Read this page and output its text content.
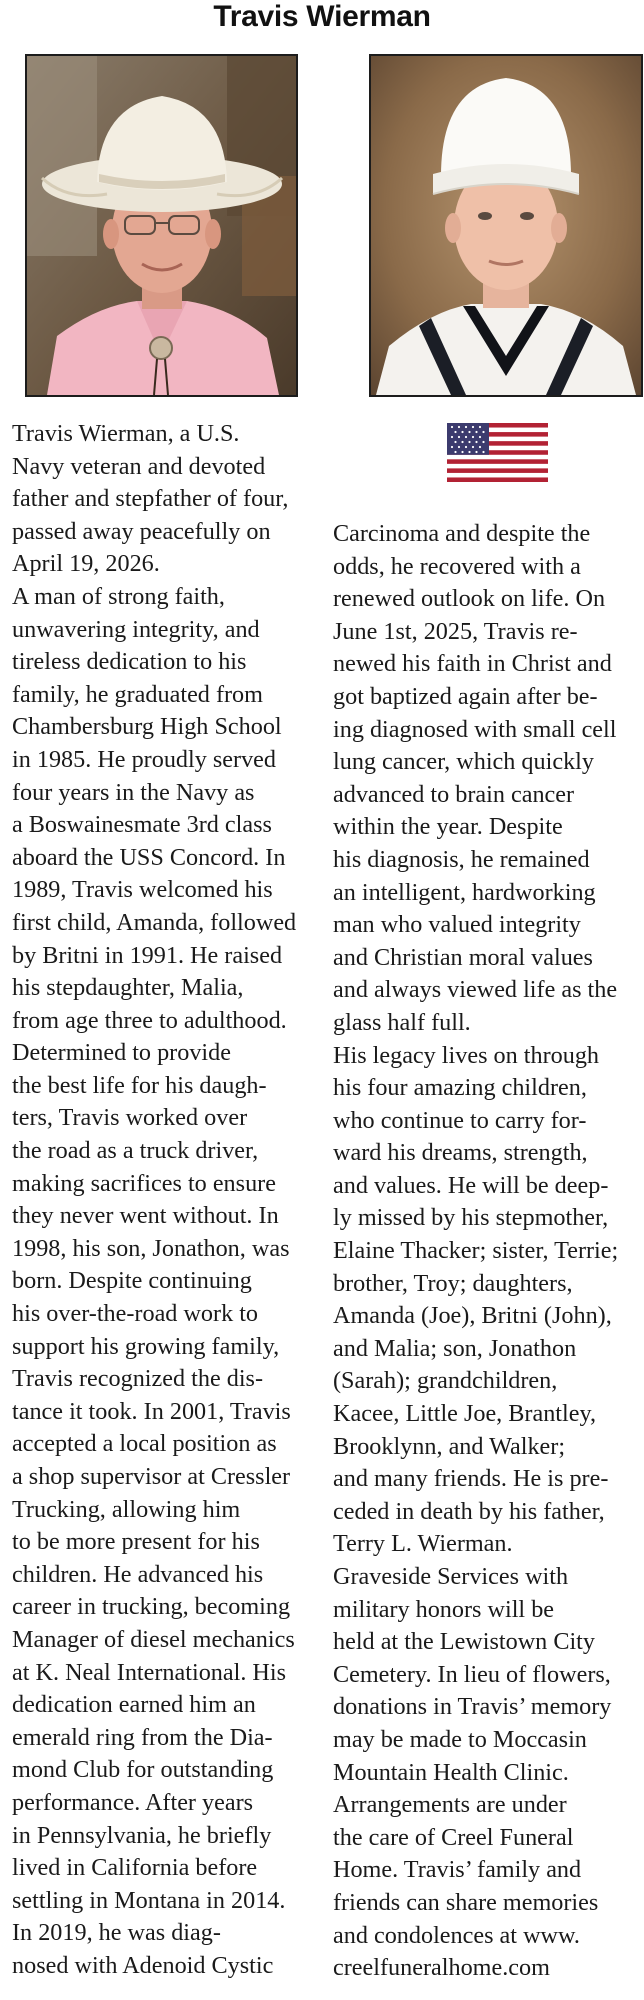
Travis Wierman
Travis Wierman, a U.S.
Navy veteran and devoted
father and stepfather of four,
passed away peacefully on
April 19, 2026.
A man of strong faith,
unwavering integrity, and
tireless dedication to his
family, he graduated from
Chambersburg High School
in 1985. He proudly served
four years in the Navy as
a Boswainesmate 3rd class
aboard the USS Concord. In
1989, Travis welcomed his
first child, Amanda, followed
by Britni in 1991. He raised
his stepdaughter, Malia,
from age three to adulthood.
Determined to provide
the best life for his daugh-
ters, Travis worked over
the road as a truck driver,
making sacrifices to ensure
they never went without. In
1998, his son, Jonathon, was
born. Despite continuing
his over-the-road work to
support his growing family,
Travis recognized the dis-
tance it took. In 2001, Travis
accepted a local position as
a shop supervisor at Cressler
Trucking, allowing him
to be more present for his
children. He advanced his
career in trucking, becoming
Manager of diesel mechanics
at K. Neal International. His
dedication earned him an
emerald ring from the Dia-
mond Club for outstanding
performance. After years
in Pennsylvania, he briefly
lived in California before
settling in Montana in 2014.
In 2019, he was diag-
nosed with Adenoid Cystic
Carcinoma and despite the
odds, he recovered with a
renewed outlook on life. On
June 1st, 2025, Travis re-
newed his faith in Christ and
got baptized again after be-
ing diagnosed with small cell
lung cancer, which quickly
advanced to brain cancer
within the year. Despite
his diagnosis, he remained
an intelligent, hardworking
man who valued integrity
and Christian moral values
and always viewed life as the
glass half full.
His legacy lives on through
his four amazing children,
who continue to carry for-
ward his dreams, strength,
and values. He will be deep-
ly missed by his stepmother,
Elaine Thacker; sister, Terrie;
brother, Troy; daughters,
Amanda (Joe), Britni (John),
and Malia; son, Jonathon
(Sarah); grandchildren,
Kacee, Little Joe, Brantley,
Brooklynn, and Walker;
and many friends. He is pre-
ceded in death by his father,
Terry L. Wierman.
Graveside Services with
military honors will be
held at the Lewistown City
Cemetery. In lieu of flowers,
donations in Travis’ memory
may be made to Moccasin
Mountain Health Clinic.
Arrangements are under
the care of Creel Funeral
Home. Travis’ family and
friends can share memories
and condolences at www.
creelfuneralhome.com
